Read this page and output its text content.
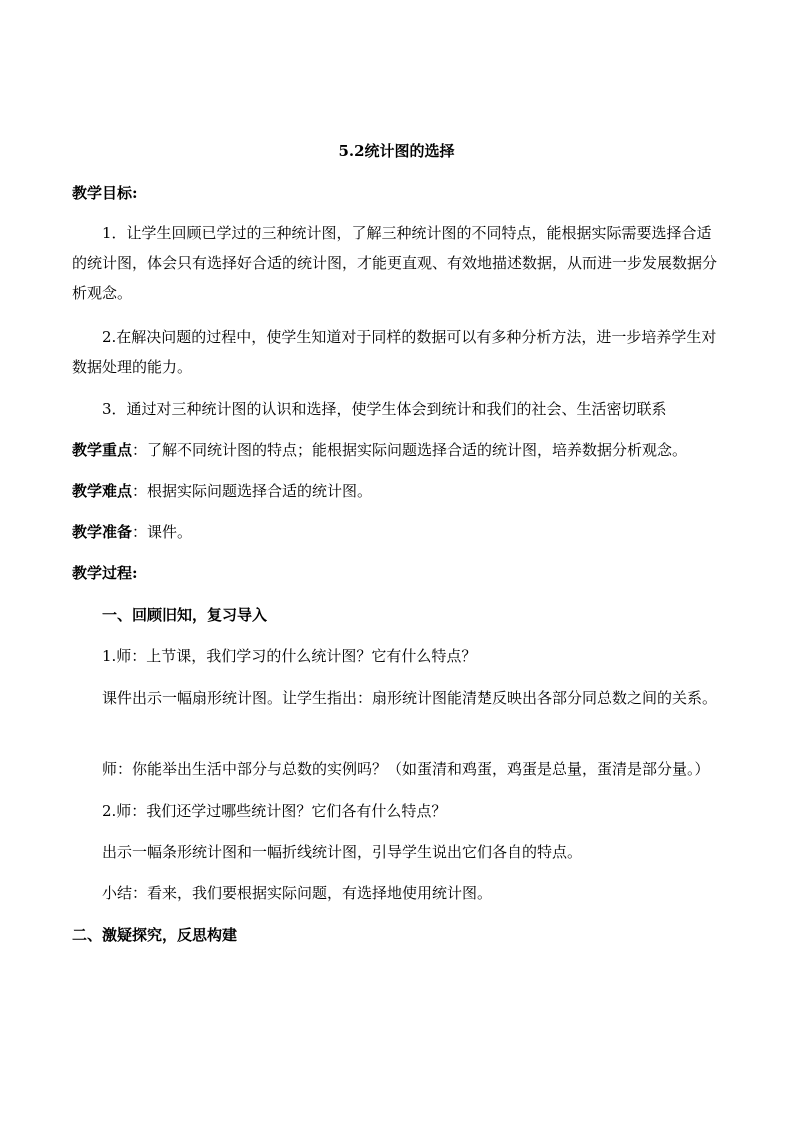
5.2统计图的选择
教学目标:
1．让学生回顾已学过的三种统计图，了解三种统计图的不同特点，能根据实际需要选择合适的统计图，体会只有选择好合适的统计图，才能更直观、有效地描述数据，从而进一步发展数据分析观念。
2.在解决问题的过程中，使学生知道对于同样的数据可以有多种分析方法，进一步培养学生对数据处理的能力。
3．通过对三种统计图的认识和选择，使学生体会到统计和我们的社会、生活密切联系
教学重点：了解不同统计图的特点；能根据实际问题选择合适的统计图，培养数据分析观念。
教学难点：根据实际问题选择合适的统计图。
教学准备：课件。
教学过程:
一、回顾旧知，复习导入
1.师：上节课，我们学习的什么统计图？它有什么特点？
课件出示一幅扇形统计图。让学生指出：扇形统计图能清楚反映出各部分同总数之间的关系。
师：你能举出生活中部分与总数的实例吗？（如蛋清和鸡蛋，鸡蛋是总量，蛋清是部分量。）
2.师：我们还学过哪些统计图？它们各有什么特点？
出示一幅条形统计图和一幅折线统计图，引导学生说出它们各自的特点。
小结：看来，我们要根据实际问题，有选择地使用统计图。
二、激疑探究，反思构建
